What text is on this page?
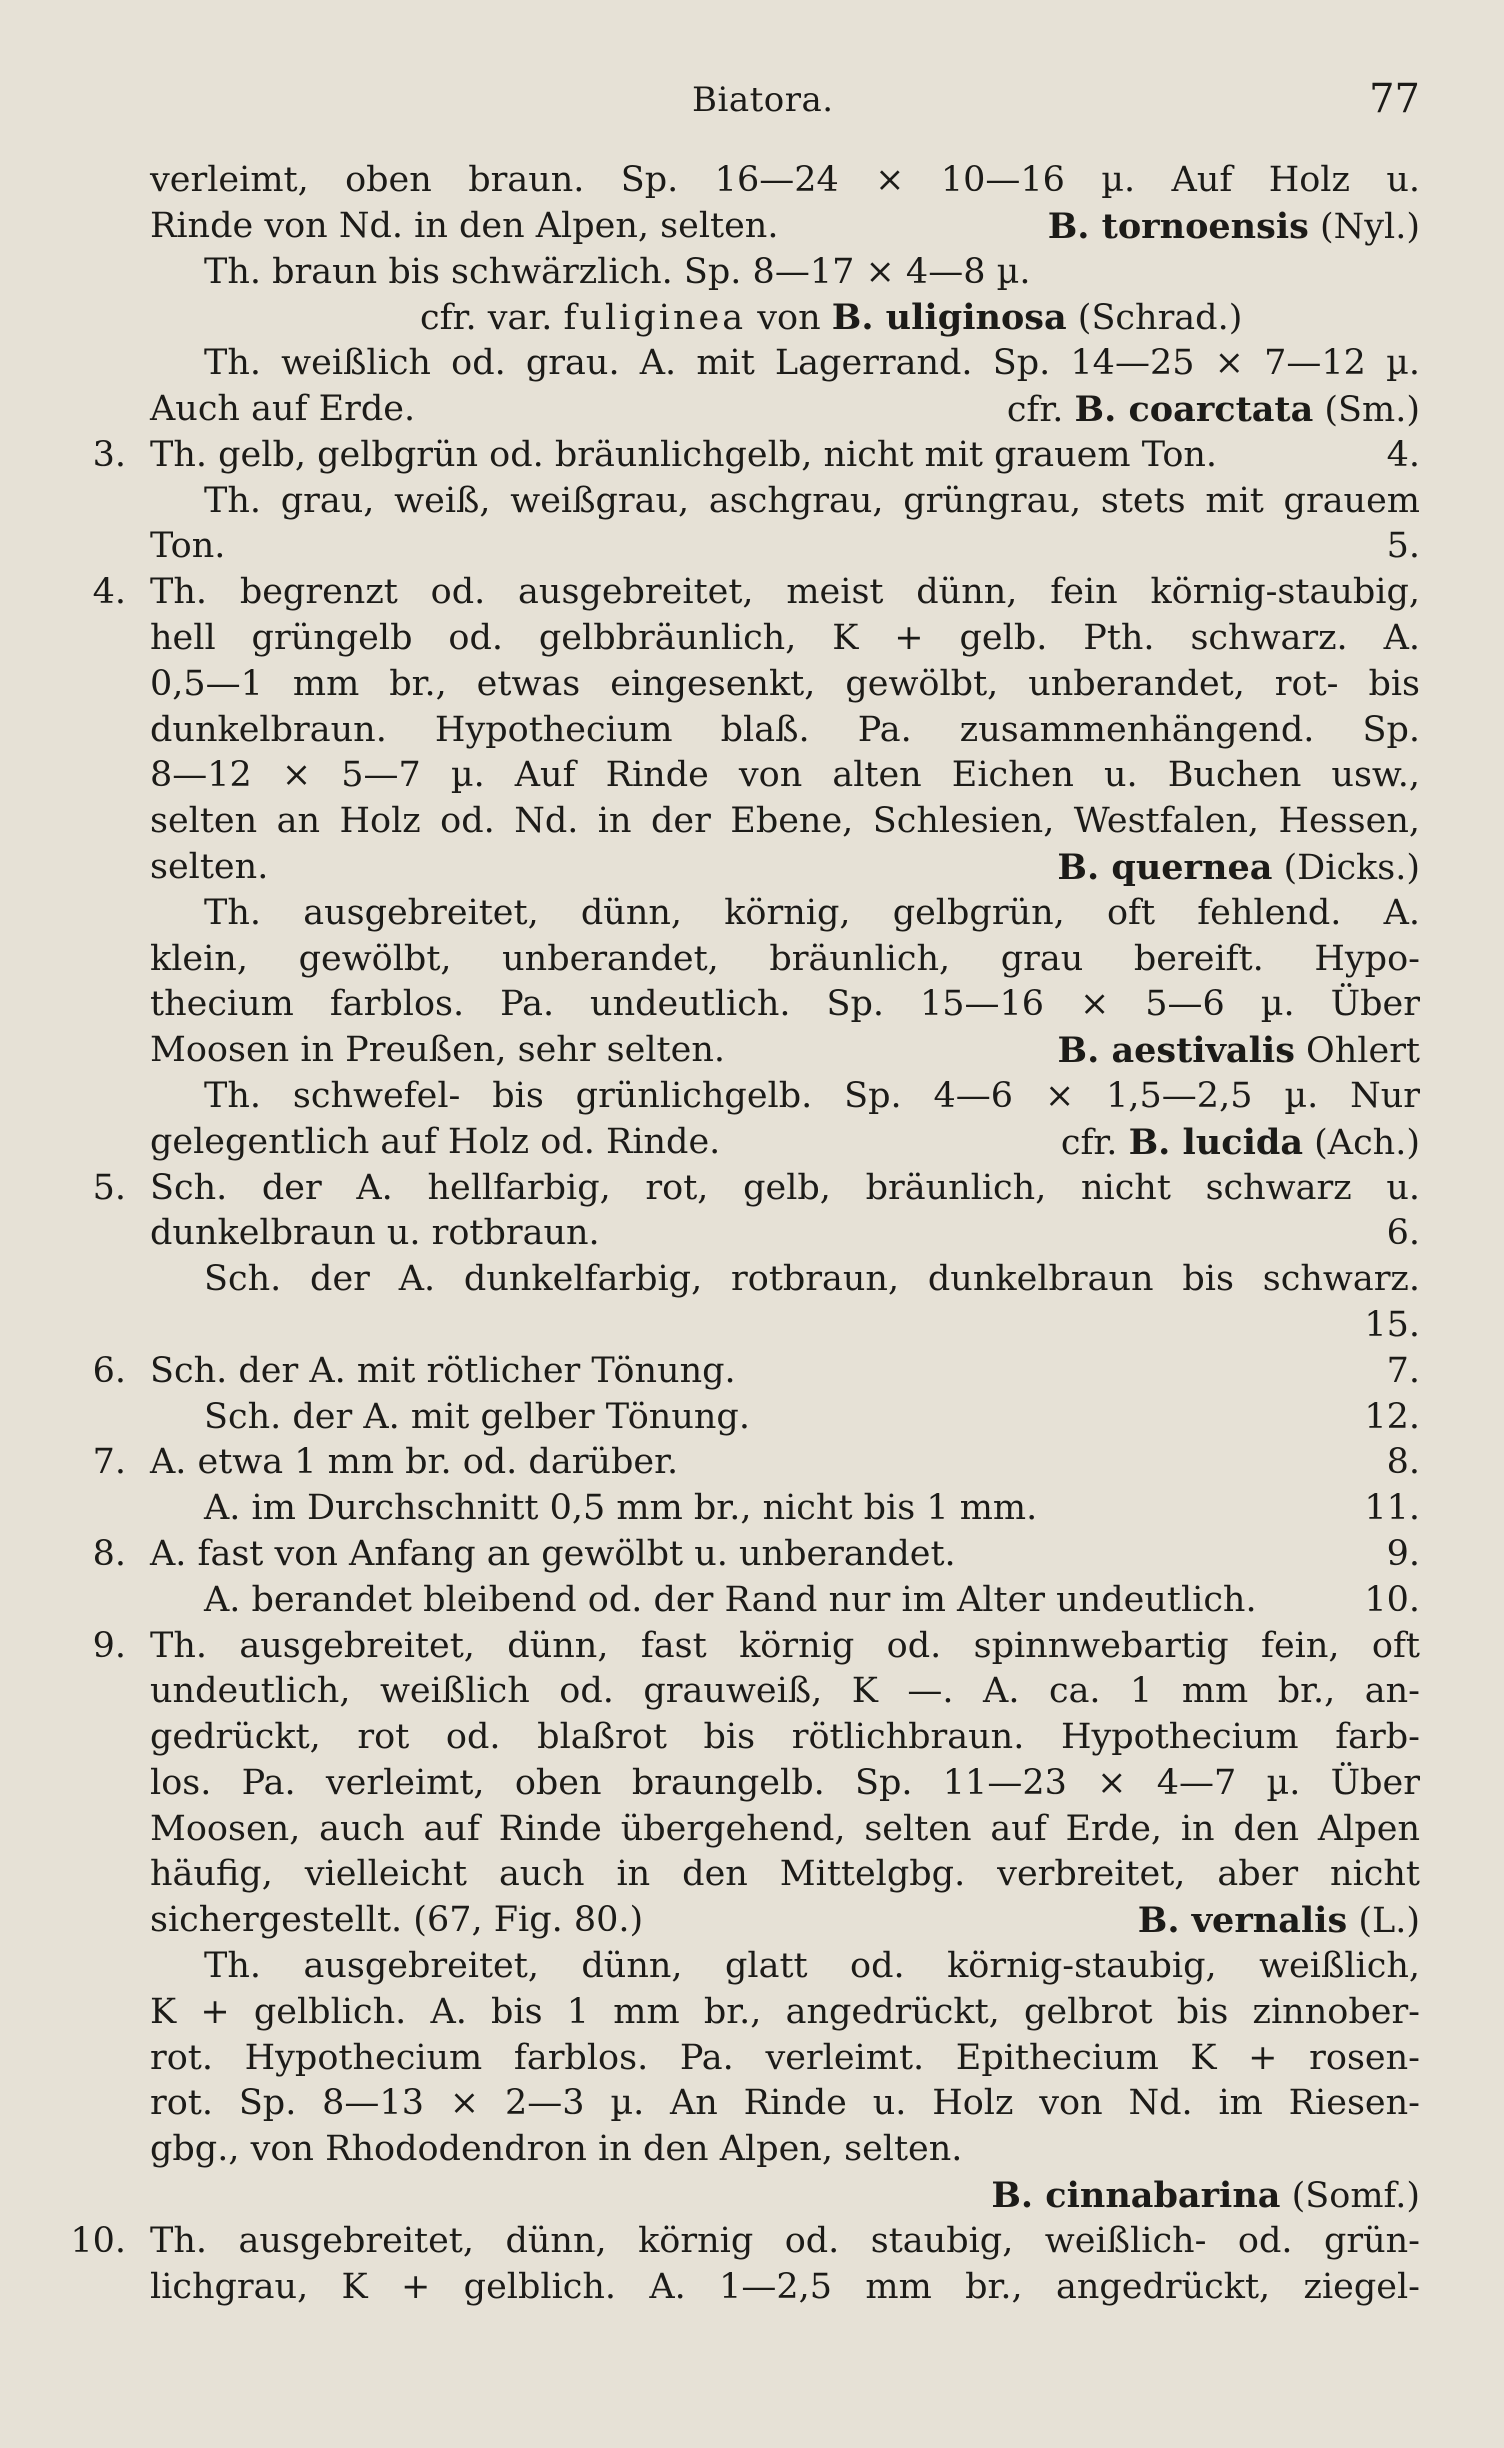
Biatora.	77
verleimt, oben braun. Sp. 16—24 × 10—16 µ. Auf Holz u.
Rinde von Nd. in den Alpen, selten.	B. tornoensis (Nyl.)
Th. braun bis schwärzlich. Sp. 8—17 × 4—8 µ.
cfr. var. fuliginea von B. uliginosa (Schrad.)
Th. weißlich od. grau. A. mit Lagerrand. Sp. 14—25 × 7—12 µ.
Auch auf Erde.	cfr. B. coarctata (Sm.)
3. Th. gelb, gelbgrün od. bräunlichgelb, nicht mit grauem Ton.	4.
Th. grau, weiß, weißgrau, aschgrau, grüngrau, stets mit grauem
Ton.	5.
4. Th. begrenzt od. ausgebreitet, meist dünn, fein körnig-staubig,
hell grüngelb od. gelbbräunlich, K + gelb. Pth. schwarz. A.
0,5—1 mm br., etwas eingesenkt, gewölbt, unberandet, rot- bis
dunkelbraun. Hypothecium blaß. Pa. zusammenhängend. Sp.
8—12 × 5—7 µ. Auf Rinde von alten Eichen u. Buchen usw.,
selten an Holz od. Nd. in der Ebene, Schlesien, Westfalen, Hessen,
selten.	B. quernea (Dicks.)
Th. ausgebreitet, dünn, körnig, gelbgrün, oft fehlend. A.
klein, gewölbt, unberandet, bräunlich, grau bereift. Hypo-
thecium farblos. Pa. undeutlich. Sp. 15—16 × 5—6 µ. Über
Moosen in Preußen, sehr selten.	B. aestivalis Ohlert
Th. schwefel- bis grünlichgelb. Sp. 4—6 × 1,5—2,5 µ. Nur
gelegentlich auf Holz od. Rinde.	cfr. B. lucida (Ach.)
5. Sch. der A. hellfarbig, rot, gelb, bräunlich, nicht schwarz u.
dunkelbraun u. rotbraun.	6.
Sch. der A. dunkelfarbig, rotbraun, dunkelbraun bis schwarz.
15.
6. Sch. der A. mit rötlicher Tönung.	7.
Sch. der A. mit gelber Tönung.	12.
7. A. etwa 1 mm br. od. darüber.	8.
A. im Durchschnitt 0,5 mm br., nicht bis 1 mm.	11.
8. A. fast von Anfang an gewölbt u. unberandet.	9.
A. berandet bleibend od. der Rand nur im Alter undeutlich.	10.
9. Th. ausgebreitet, dünn, fast körnig od. spinnwebartig fein, oft
undeutlich, weißlich od. grauweiß, K —. A. ca. 1 mm br., an-
gedrückt, rot od. blaßrot bis rötlichbraun. Hypothecium farb-
los. Pa. verleimt, oben braungelb. Sp. 11—23 × 4—7 µ. Über
Moosen, auch auf Rinde übergehend, selten auf Erde, in den Alpen
häufig, vielleicht auch in den Mittelgbg. verbreitet, aber nicht
sichergestellt. (67, Fig. 80.)	B. vernalis (L.)
Th. ausgebreitet, dünn, glatt od. körnig-staubig, weißlich,
K + gelblich. A. bis 1 mm br., angedrückt, gelbrot bis zinnober-
rot. Hypothecium farblos. Pa. verleimt. Epithecium K + rosen-
rot. Sp. 8—13 × 2—3 µ. An Rinde u. Holz von Nd. im Riesen-
gbg., von Rhododendron in den Alpen, selten.
B. cinnabarina (Somf.)
10. Th. ausgebreitet, dünn, körnig od. staubig, weißlich- od. grün-
lichgrau, K + gelblich. A. 1—2,5 mm br., angedrückt, ziegel-
